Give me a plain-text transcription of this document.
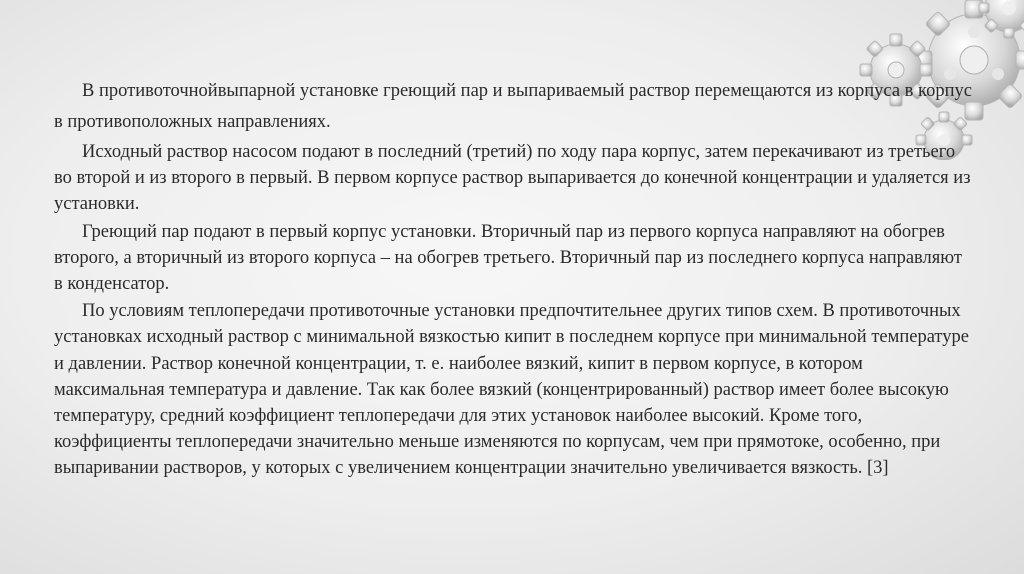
В противоточнойвыпарной установке греющий пар и выпариваемый раствор перемещаются из корпуса в корпус в противоположных направлениях.

Исходный раствор насосом подают в последний (третий) по ходу пара корпус, затем перекачивают из третьего во второй и из второго в первый. В первом корпусе раствор выпаривается до конечной концентрации и удаляется из установки.

Греющий пар подают в первый корпус установки. Вторичный пар из первого корпуса направляют на обогрев второго, а вторичный из второго корпуса – на обогрев третьего. Вторичный пар из последнего корпуса направляют в конденсатор.

По условиям теплопередачи противоточные установки предпочтительнее других типов схем. В противоточных установках исходный раствор с минимальной вязкостью кипит в последнем корпусе при минимальной температуре и давлении. Раствор конечной концентрации, т. е. наиболее вязкий, кипит в первом корпусе, в котором максимальная температура и давление. Так как более вязкий (концентрированный) раствор имеет более высокую температуру, средний коэффициент теплопередачи для этих установок наиболее высокий. Кроме того, коэффициенты теплопередачи значительно меньше изменяются по корпусам, чем при прямотоке, особенно, при выпаривании растворов, у которых с увеличением концентрации значительно увеличивается вязкость. [3]
